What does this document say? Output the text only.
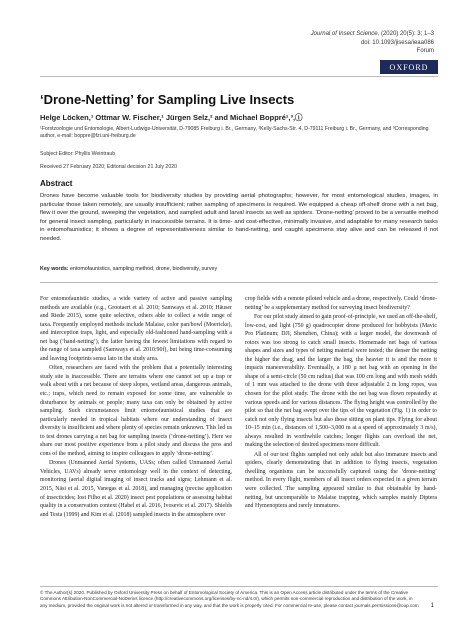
Journal of Insect Science, (2020) 20(5): 3; 1–3
doi: 10.1093/jisesa/ieaa086
Forum
OXFORD
‘Drone-Netting’ for Sampling Live Insects
Helge Löcken,¹ Ottmar W. Fischer,¹ Jürgen Selz,² and Michael Boppré¹,³,ⓘ
¹Forstzoologie und Entomologie, Albert-Ludwigs-Universität, D-79085 Freiburg i. Br., Germany, ²Kelly-Sachs-Str. 4, D-79111 Freiburg i. Br., Germany, and ³Corresponding author, e-mail: boppre@fzi.uni-freiburg.de
Subject Editor: Phyllis Weintraub
Received 27 February 2020; Editorial decision 21 July 2020
Abstract
Drones have become valuable tools for biodiversity studies by providing aerial photographs; however, for most entomological studies, images, in particular those taken remotely, are usually insufficient; rather sampling of specimens is required. We equipped a cheap off-shelf drone with a net bag, flew it over the ground, sweeping the vegetation, and sampled adult and larval insects as well as spiders. ‘Drone-netting’ proved to be a versatile method for general insect sampling, particularly in inaccessible terrains. It is time- and cost-effective, minimally invasive, and adaptable for many research tasks in entomofaunistics; it shows a degree of representativeness similar to hand-netting, and caught specimens stay alive and can be released if not needed.
Key words: entomofaunistics, sampling method, drone, biodiversity, survey

For entomofaunistic studies, a wide variety of active and passive sampling methods are available (e.g., Grootaert et al. 2010; Samways et al. 2010; Häuser and Riede 2015), some quite selective, others able to collect a wide range of taxa. Frequently employed methods include Malaise, color pan/bowl (Moericke), and interception traps, light, and especially old-fashioned hand-sampling with a net bag (‘hand-netting’), the latter having the fewest limitations with regard to the range of taxa sampled (Samways et al. 2010:90f), but being time-consuming and leaving footprints sensu lato in the study area.

Often, researchers are faced with the problem that a potentially interesting study site is inaccessible. There are terrains where one cannot set up a trap or walk about with a net because of steep slopes, wetland areas, dangerous animals, etc.; traps, which need to remain exposed for some time, are vulnerable to disturbance by animals or people; many taxa can only be obtained by active sampling. Such circumstances limit entomofaunistical studies that are particularly needed in tropical habitats where our understanding of insect diversity is insufficient and where plenty of species remain unknown. This led us to test drones carrying a net bag for sampling insects (‘drone-netting’). Here we share our most positive experience from a pilot study and discuss the pros and cons of the method, aiming to inspire colleagues to apply ‘drone-netting’.

Drones (Unmanned Aerial Systems, UASs; often called Unmanned Aerial Vehicles, UAVs) already serve entomology well in the context of detecting, monitoring (aerial digital imaging of insect tracks and signs; Lehmann et al. 2015, Näsi et al. 2015, Vanegas et al. 2018), and managing (precise application of insecticides; Iost Filho et al. 2020) insect pest populations or assessing habitat quality in a conservation context (Habel et al. 2016, Ivosevic et al. 2017). Shields and Testa (1999) and Kim et al. (2018) sampled insects in the atmosphere over

crop fields with a remote piloted vehicle and a drone, respectively. Could ‘drone-netting’ be a supplementary method for surveying insect biodiversity?

For our pilot study aimed to gain proof-of-principle, we used an off-the-shelf, low-cost, and light (750 g) quadrocopter drone produced for hobbyists (Mavic Pro Platinum; DJI, Shenzhen, China); with a larger model, the downwash of rotors was too strong to catch small insects. Homemade net bags of various shapes and sizes and types of netting material were tested; the denser the netting the higher the drag, and the larger the bag, the heavier it is and the more it impacts maneuverability. Eventually, a 180 µ net bag with an opening in the shape of a semi-circle (50 cm radius) that was 100 cm long and with mesh width of 1 mm was attached to the drone with three adjustable 2 m long ropes, was chosen for the pilot study. The drone with the net bag was flown repeatedly at various speeds and for various distances. The flying height was controlled by the pilot so that the net bag swept over the tips of the vegetation (Fig. 1) in order to catch not only flying insects but also those sitting on plant tips. Flying for about 10–15 min (i.e., distances of 1,500–3,000 m at a speed of approximately 3 m/s), always resulted in worthwhile catches; longer flights can overload the net, making the selection of desired specimens more difficult.

All of our test flights sampled not only adult but also immature insects and spiders, clearly demonstrating that in addition to flying insects, vegetation dwelling organisms can be successfully captured using the ‘drone-netting’ method. In every flight, members of all insect orders expected in a given terrain were collected. The sampling appeared similar to that obtainable by hand-netting, but uncomparable to Malaise trapping, which samples mainly Diptera and Hymenoptera and rarely immatures.

© The Author(s) 2020. Published by Oxford University Press on behalf of Entomological Society of America. This is an Open Access article distributed under the terms of the Creative Commons Attribution-NonCommercial-NoDerivs licence (http://creativecommons.org/licenses/by-nc-nd/4.0/), which permits non-commercial reproduction and distribution of the work, in any medium, provided the original work is not altered or transformed in any way, and that the work is properly cited. For commercial re-use, please contact journals.permissions@oup.com 1
